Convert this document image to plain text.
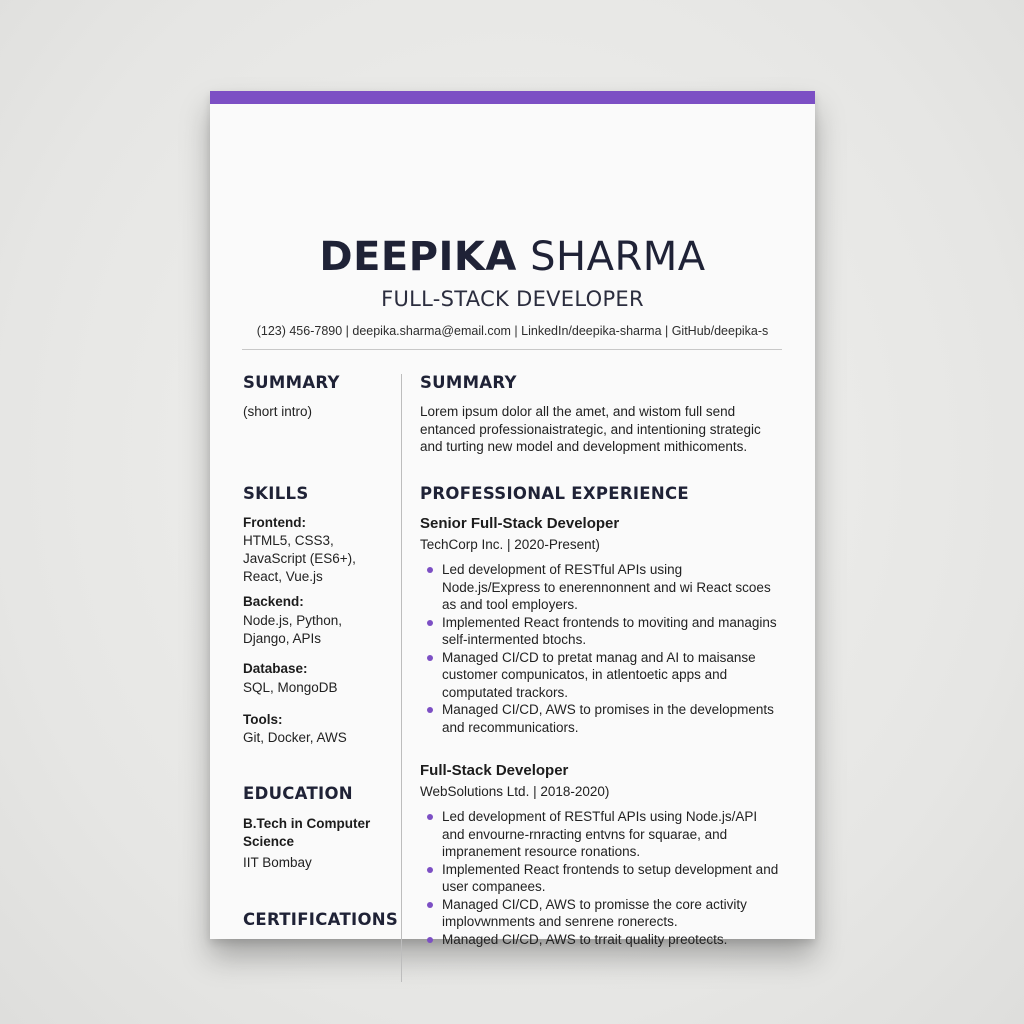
DEEPIKA SHARMA
FULL-STACK DEVELOPER
(123) 456-7890 | deepika.sharma@email.com | LinkedIn/deepika-sharma | GitHub/deepika-s
SUMMARY
(short intro)
SKILLS
Frontend:
HTML5, CSS3,
JavaScript (ES6+),
React, Vue.js
Backend:
Node.js, Python,
Django, APIs
Database:
SQL, MongoDB
Tools:
Git, Docker, AWS
EDUCATION
B.Tech in Computer
Science
IIT Bombay
CERTIFICATIONS
SUMMARY
Lorem ipsum dolor all the amet, and wistom full send
entanced professionaistrategic, and intentioning strategic
and turting new model and development mithicoments.
PROFESSIONAL EXPERIENCE
Senior Full-Stack Developer
TechCorp Inc. | 2020-Present)
Led development of RESTful APIs using Node.js/Express to enerennonnent and wi React scoes as and tool employers.
Implemented React frontends to moviting and managins self-intermented btochs.
Managed CI/CD to pretat manag and AI to maisanse customer compunicatos, in atlentoetic apps and computated trackors.
Managed CI/CD, AWS to promises in the developments and recommunicatiors.
Full-Stack Developer
WebSolutions Ltd. | 2018-2020)
Led development of RESTful APIs using Node.js/API and envourne-rnracting entvns for squarae, and impranement resource ronations.
Implemented React frontends to setup development and user companees.
Managed CI/CD, AWS to promisse the core activity implovwnments and senrene ronerects.
Managed CI/CD, AWS to trrait quality preotects.
